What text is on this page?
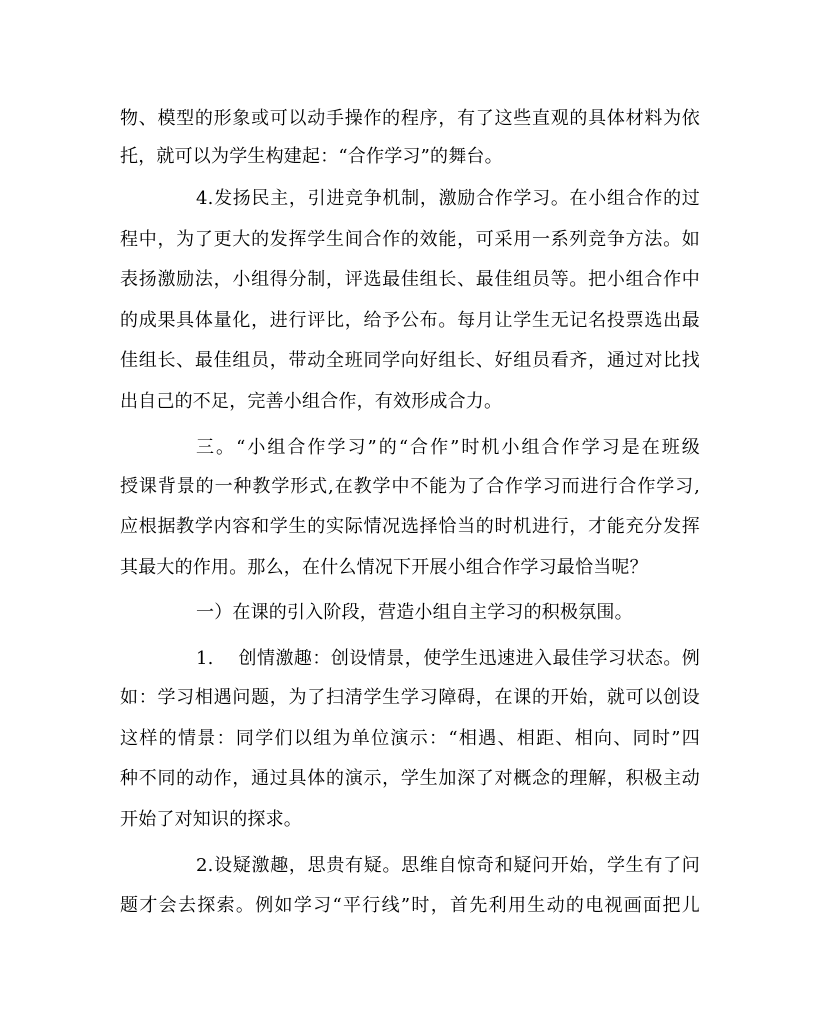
物、模型的形象或可以动手操作的程序，有了这些直观的具体材料为依
托，就可以为学生构建起：“合作学习”的舞台。
4.发扬民主，引进竞争机制，激励合作学习。在小组合作的过
程中，为了更大的发挥学生间合作的效能，可采用一系列竞争方法。如
表扬激励法，小组得分制，评选最佳组长、最佳组员等。把小组合作中
的成果具体量化，进行评比，给予公布。每月让学生无记名投票选出最
佳组长、最佳组员，带动全班同学向好组长、好组员看齐，通过对比找
出自己的不足，完善小组合作，有效形成合力。
三。“小组合作学习”的“合作”时机小组合作学习是在班级
授课背景的一种教学形式,在教学中不能为了合作学习而进行合作学习,
应根据教学内容和学生的实际情况选择恰当的时机进行，才能充分发挥
其最大的作用。那么，在什么情况下开展小组合作学习最恰当呢？
一）在课的引入阶段，营造小组自主学习的积极氛围。
1.　 创情激趣：创设情景，使学生迅速进入最佳学习状态。例
如：学习相遇问题，为了扫清学生学习障碍，在课的开始，就可以创设
这样的情景：同学们以组为单位演示：“相遇、相距、相向、同时”四
种不同的动作，通过具体的演示，学生加深了对概念的理解，积极主动
开始了对知识的探求。
2.设疑激趣，思贵有疑。思维自惊奇和疑问开始，学生有了问
题才会去探索。例如学习“平行线”时，首先利用生动的电视画面把儿
